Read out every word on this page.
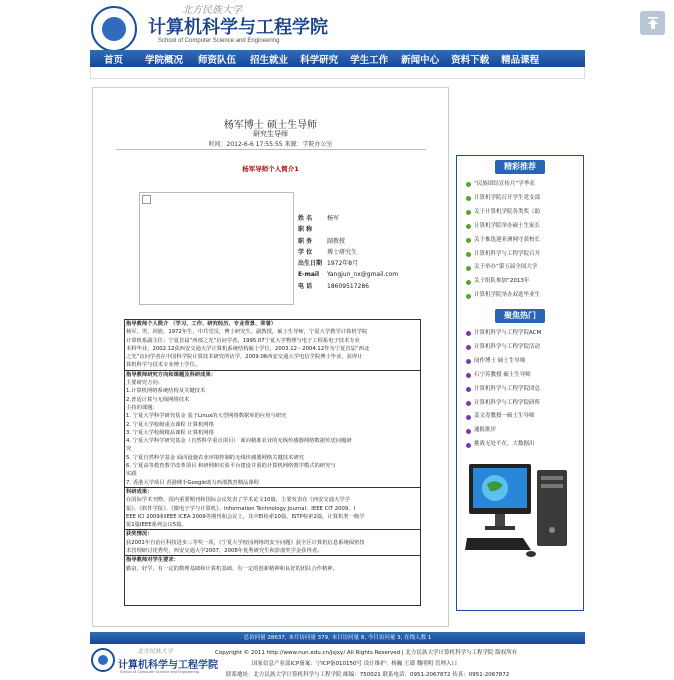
北方民族大学
计算机科学与工程学院
School of Computer Science and Engineering
首页 学院概况 师资队伍 招生就业 科学研究 学生工作 新闻中心 资料下载 精品课程
杨军博士 硕士生导师
研究生导师
时间：2012-6-6 17:55:55 来源：学院办公室
杨军导师个人简介1
姓 名	杨军
职 称
职 务	副教授
学 位	博士研究生
出生日期 1972年8月
E-mail	Yangjun_nx@gmail.com
电 话	18609517286
指导教师个人简介 （学习、工作、研究经历、专业背景、荣誉）
杨军，男，回族，1972年生，中共党员，博士研究生，副教授，硕士生导师，宁夏大学教学计算机学院
计算机系副主任；宁夏首届“西部之光”访问学者。1995.07宁夏大学物理与电子工程系电子技术专业
本科毕业，2002.12获西安交通大学计算机系统结构硕士学位，2003.12－2004.12作为宁夏首届“西北
之光”访问学者在中国科学院计算技术研究所访学，2009.06西安交通大学电信学院博士毕业，获得计
算机科学与技术专业博士学位。
指导教师研究方向和课题及科研成果：
主要研究方向：
1.计算机网络系统结构及关键技术
2.普适计算与无线网络技术
主持的课题：
1. 宁夏大学科学研究基金 基于Linux的大型网络数据库的应用与研究
2. 宁夏大学校级重点课程 计算机网络
3. 宁夏大学校级精品课程 计算机网络
4. 宁夏大学科学研究基金（自然科学重点项目） 面向精准农业的无线传感器网络数据传送问题研
究
5. 宁夏自然科学基金 面向设施农业环境控制的无线传感器网络关键技术研究
6. 宁夏高等教育教学改革项目 和研网和实验平台建设并重的计算机网络教学模式的研究与
实践
7. 香港大学项目 香港佛手Google助力西部教育精品课程
科研成果：
在国际学术刊物、国内重要期刊和国际会议发表了学术论文10篇，主要发表在《西安交通大学学
报》、《软件学报》、《微电子学与计算机》、Information Technology Journal、IEEE CIT 2009、I
EEE ICI 2009和IEEE ICEA 2009等期刊和会议上，其中EI检索10篇，ISTP检索2篇，计算机类一级学
报1篇IEEE系列会议5篇。
获奖情况：
获2001年自治区科技进步三等奖一项，《宁夏大学校园网络的安全问题》获全区计算机信息系统保密技
术管理研讨优秀奖，西安交通大学2007、2008年优秀研究生和彭康奖学金获得者。
指导教师对学生要求：
勤奋，好学，有一定的数理基础和计算机基础，有一定的创新精神和良好的团队合作精神。
精彩推荐
“民族团结宣传月”学季表
计算机学院召开学生党支部
关于计算机学院各类奖（助
计算机学院举办硕士生家长
关于推选迎亚洲网守获校长
计算机科学与工程学院召开
关于举办“第五届全国大学
关于组队参加“2013年
计算机学院举办双选毕业生
聚焦热门
计算机科学与工程学院ACM
计算机科学与工程学院活动
闵作博士 硕士生导师
石宁苏教授 硕士生导师
计算机科学与工程学院团总
计算机科学与工程学院研所
姜文青教授一硕士生导师
通报批评
挑战无处不在，大数据出
总访问量 28637, 本月访问量 379, 本日访问量 8, 今日访问量 3, 在线人数 1
北方民族大学
计算机科学与工程学院
School of Computer Science and Engineering
Copyright © 2011 http://www.nun.edu.cn/jsjxy/ All Rights Reserved | 北方民族大学计算机科学与工程学院 版权所有
国家信息产业部ICP备案：宁ICP备010150号 设计维护：杨巍 王璜 魏明明 管理入口
联系地址：北方民族大学计算机科学与工程学院 邮编：750021 联系电话：0951-2067872 传真：0951-2067872
